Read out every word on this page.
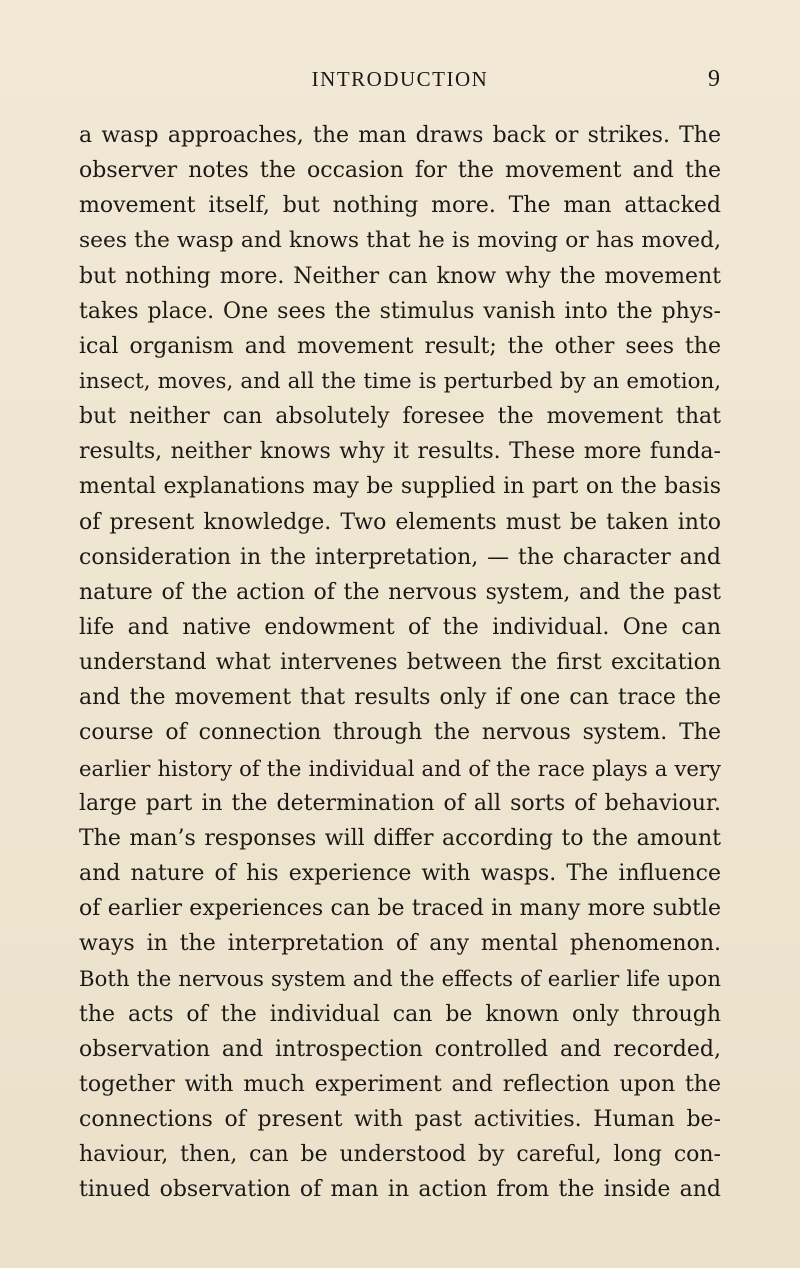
INTRODUCTION	9
a wasp approaches, the man draws back or strikes. The
observer notes the occasion for the movement and the
movement itself, but nothing more. The man attacked
sees the wasp and knows that he is moving or has moved,
but nothing more. Neither can know why the movement
takes place. One sees the stimulus vanish into the phys-
ical organism and movement result; the other sees the
insect, moves, and all the time is perturbed by an emotion,
but neither can absolutely foresee the movement that
results, neither knows why it results. These more funda-
mental explanations may be supplied in part on the basis
of present knowledge. Two elements must be taken into
consideration in the interpretation, — the character and
nature of the action of the nervous system, and the past
life and native endowment of the individual. One can
understand what intervenes between the first excitation
and the movement that results only if one can trace the
course of connection through the nervous system. The
earlier history of the individual and of the race plays a very
large part in the determination of all sorts of behaviour.
The man’s responses will differ according to the amount
and nature of his experience with wasps. The influence
of earlier experiences can be traced in many more subtle
ways in the interpretation of any mental phenomenon.
Both the nervous system and the effects of earlier life upon
the acts of the individual can be known only through
observation and introspection controlled and recorded,
together with much experiment and reflection upon the
connections of present with past activities. Human be-
haviour, then, can be understood by careful, long con-
tinued observation of man in action from the inside and
